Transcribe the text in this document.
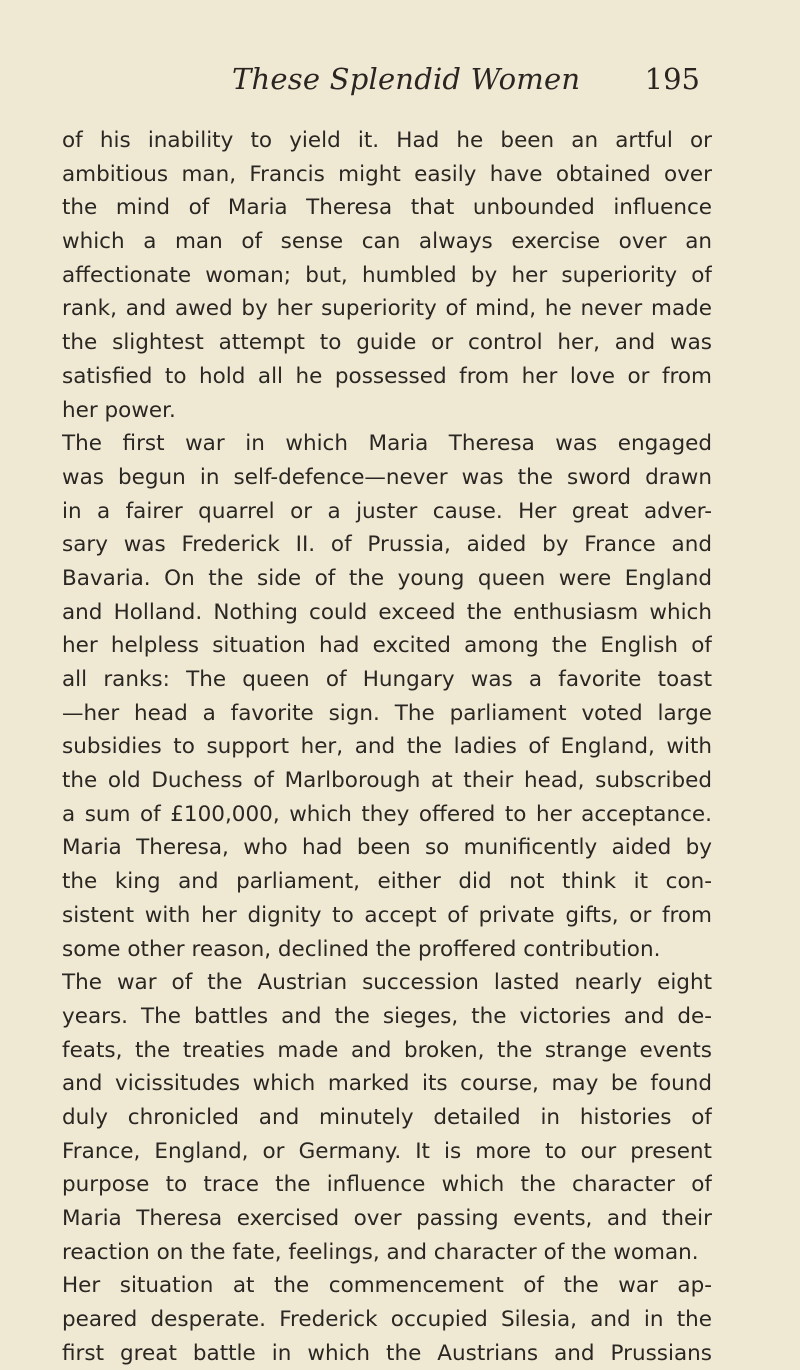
These Splendid Women 195
of his inability to yield it. Had he been an artful or
ambitious man, Francis might easily have obtained over
the mind of Maria Theresa that unbounded influence
which a man of sense can always exercise over an
affectionate woman; but, humbled by her superiority of
rank, and awed by her superiority of mind, he never made
the slightest attempt to guide or control her, and was
satisfied to hold all he possessed from her love or from
her power.
The first war in which Maria Theresa was engaged
was begun in self-defence—never was the sword drawn
in a fairer quarrel or a juster cause. Her great adver-
sary was Frederick II. of Prussia, aided by France and
Bavaria. On the side of the young queen were England
and Holland. Nothing could exceed the enthusiasm which
her helpless situation had excited among the English of
all ranks: The queen of Hungary was a favorite toast
—her head a favorite sign. The parliament voted large
subsidies to support her, and the ladies of England, with
the old Duchess of Marlborough at their head, subscribed
a sum of £100,000, which they offered to her acceptance.
Maria Theresa, who had been so munificently aided by
the king and parliament, either did not think it con-
sistent with her dignity to accept of private gifts, or from
some other reason, declined the proffered contribution.
The war of the Austrian succession lasted nearly eight
years. The battles and the sieges, the victories and de-
feats, the treaties made and broken, the strange events
and vicissitudes which marked its course, may be found
duly chronicled and minutely detailed in histories of
France, England, or Germany. It is more to our present
purpose to trace the influence which the character of
Maria Theresa exercised over passing events, and their
reaction on the fate, feelings, and character of the woman.
Her situation at the commencement of the war ap-
peared desperate. Frederick occupied Silesia, and in the
first great battle in which the Austrians and Prussians
